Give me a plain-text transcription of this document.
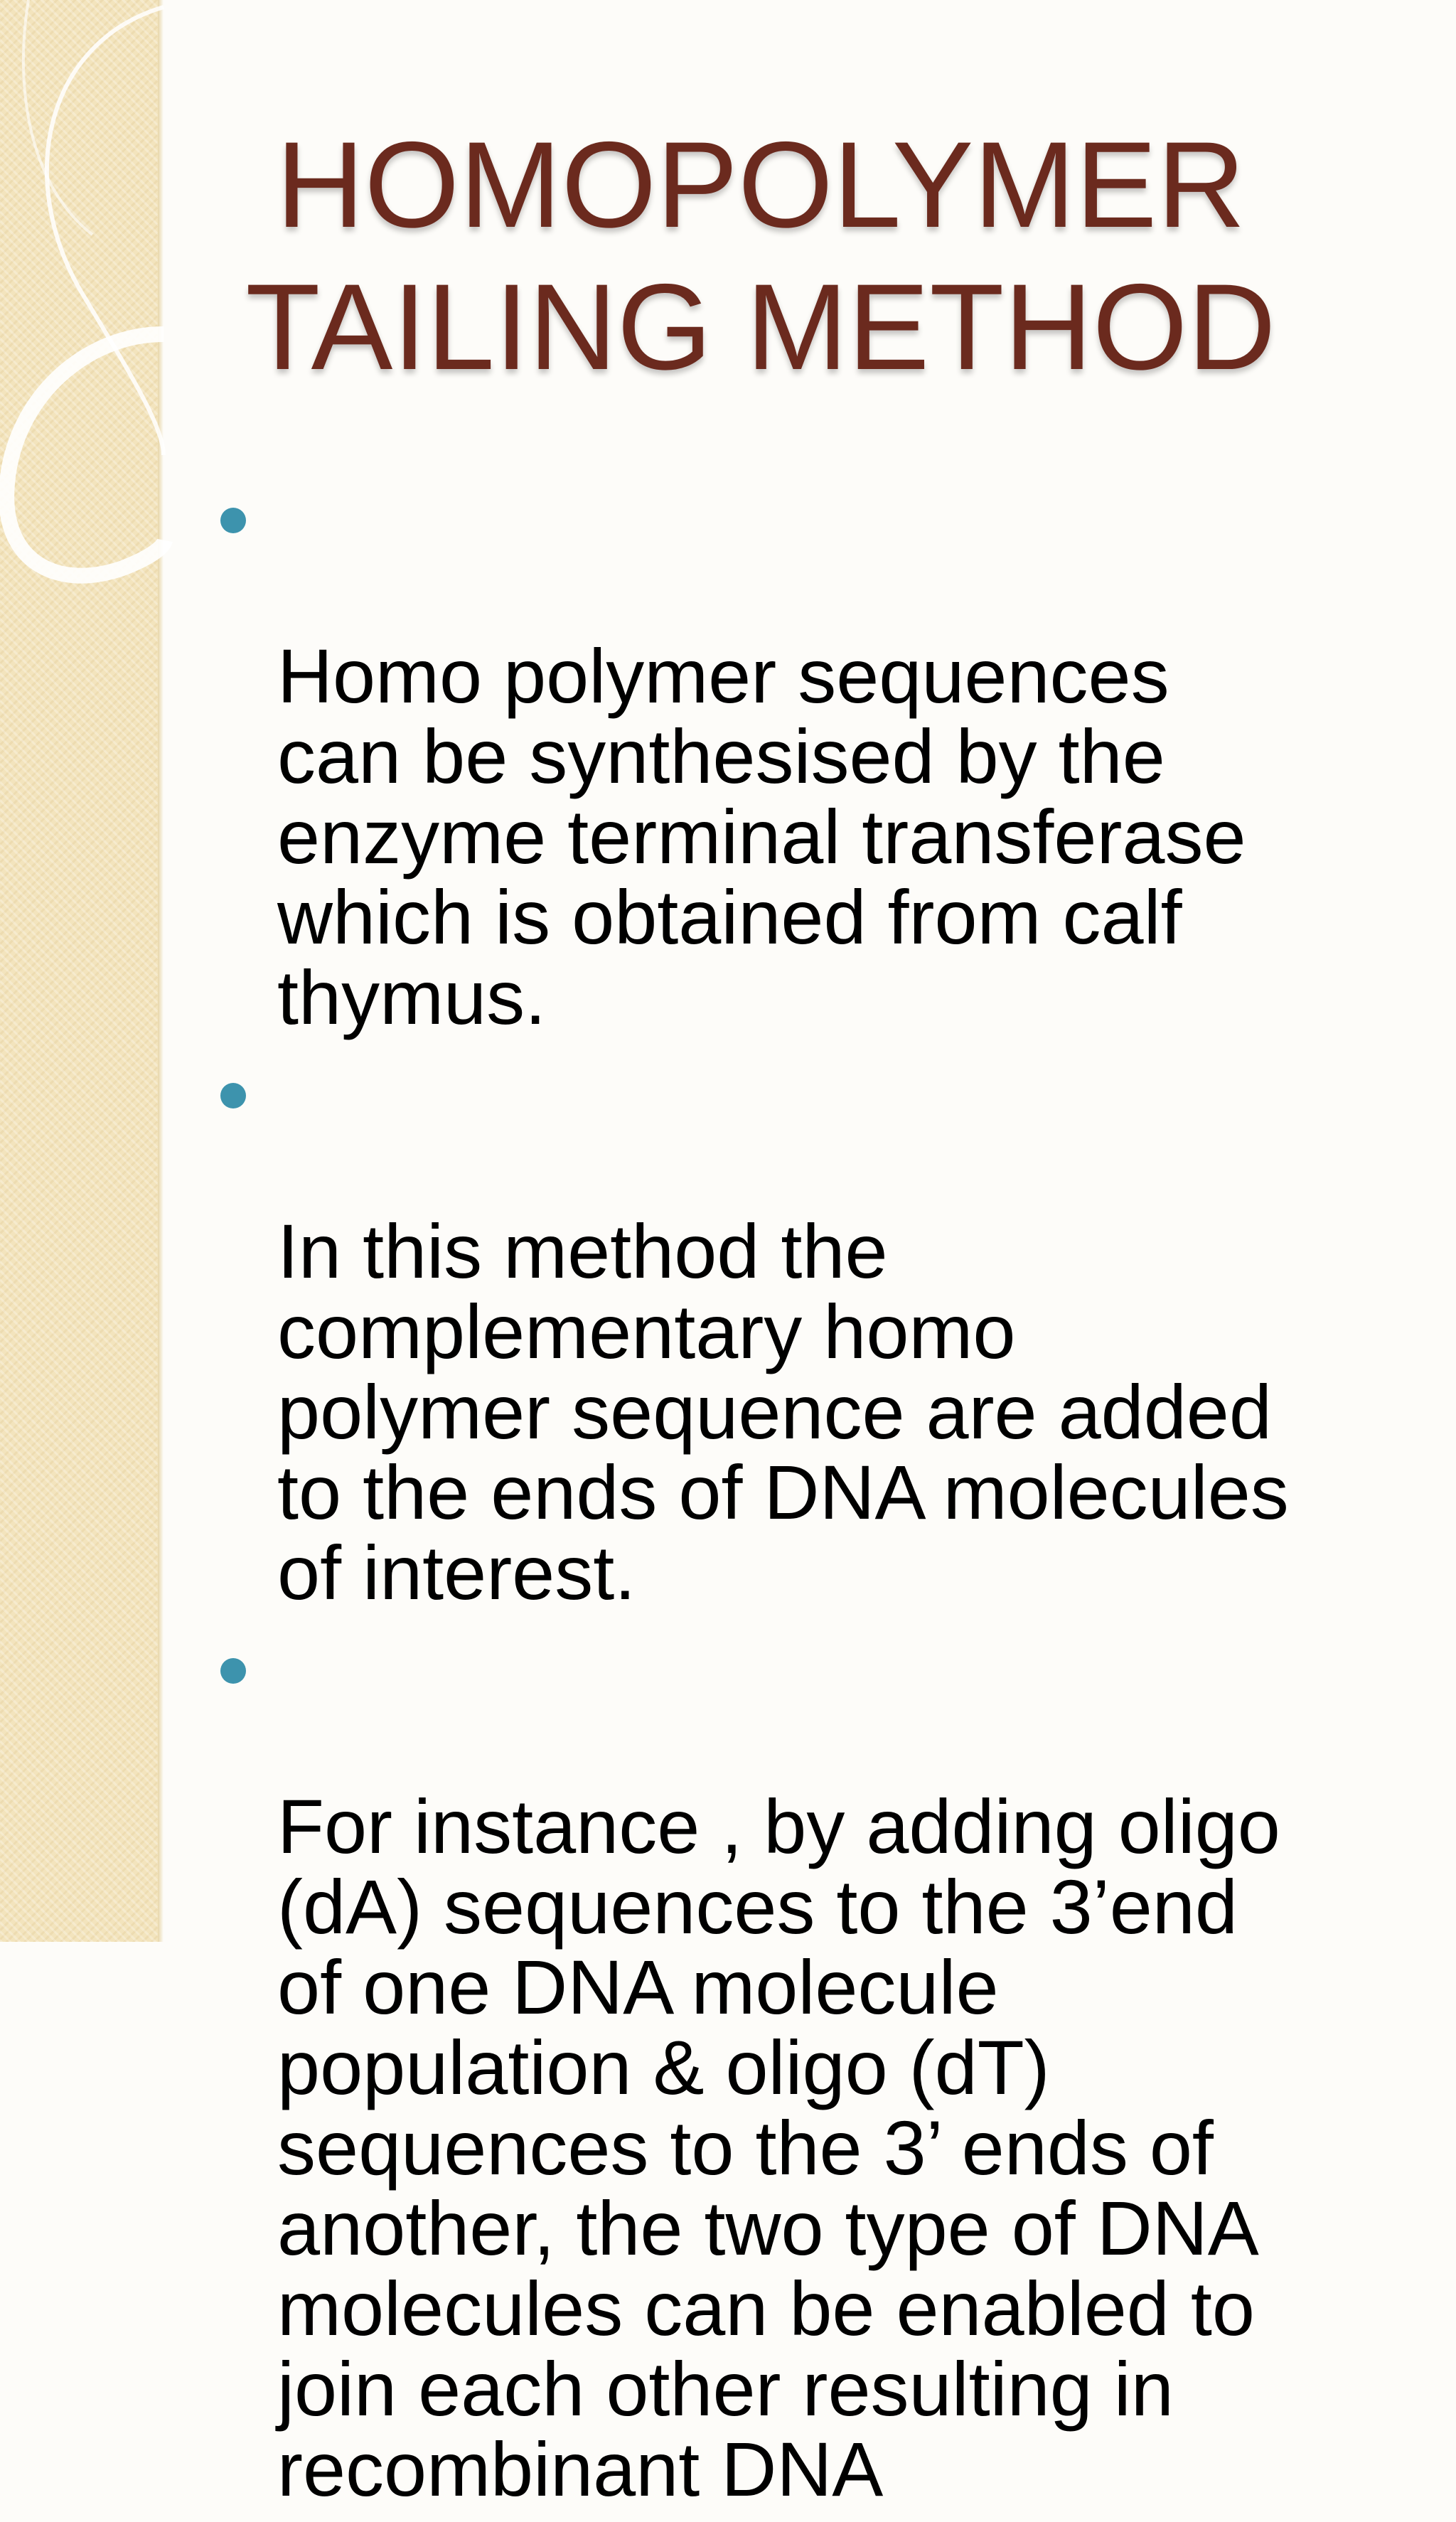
HOMOPOLYMER
TAILING METHOD

Homo polymer sequences
can be synthesised by the
enzyme terminal transferase
which is obtained from calf
thymus.

In this method the
complementary homo
polymer sequence are added
to the ends of DNA molecules
of interest.

For instance , by adding oligo
(dA) sequences to the 3’end
of one DNA molecule
population & oligo (dT)
sequences to the 3’ ends of
another, the two type of DNA
molecules can be enabled to
join each other resulting in
recombinant DNA
